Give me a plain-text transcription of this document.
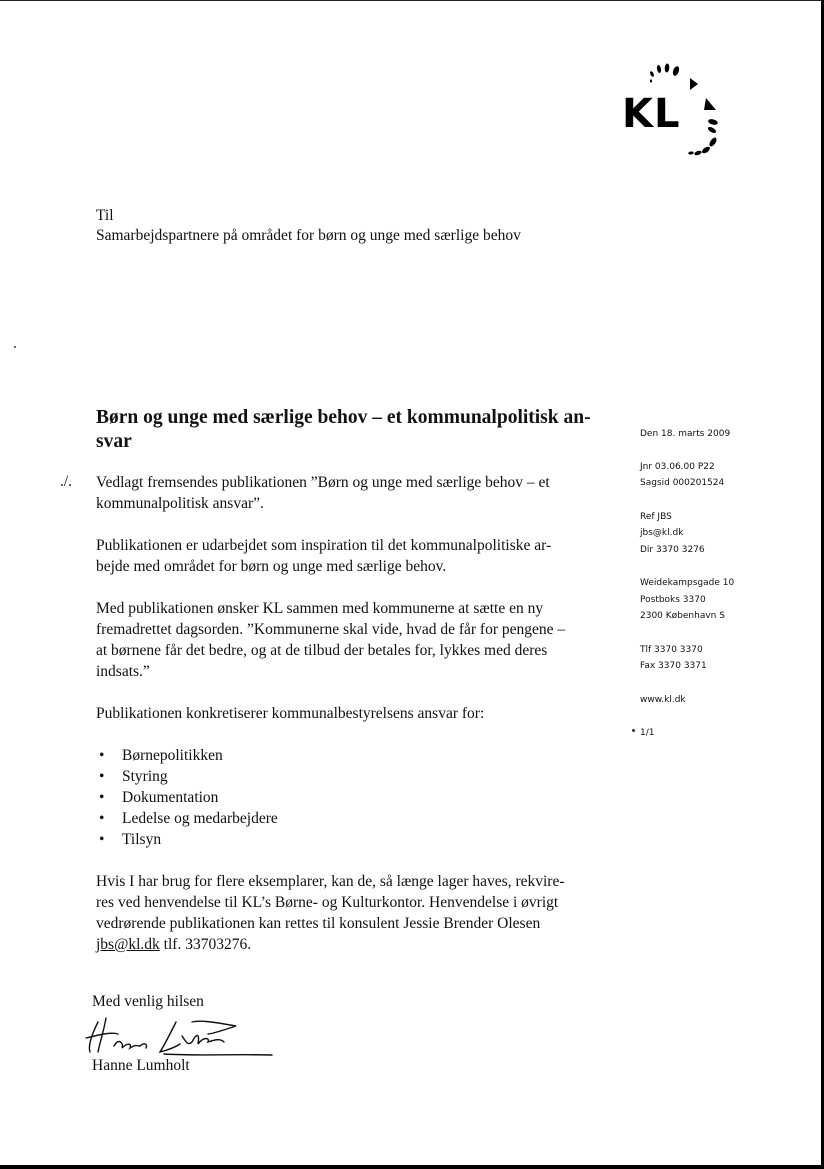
KL
Til
Samarbejdspartnere på området for børn og unge med særlige behov
Børn og unge med særlige behov – et kommunalpolitisk an-
svar
./. Vedlagt fremsendes publikationen ”Børn og unge med særlige behov – et
kommunalpolitisk ansvar”.

Publikationen er udarbejdet som inspiration til det kommunalpolitiske ar-
bejde med området for børn og unge med særlige behov.

Med publikationen ønsker KL sammen med kommunerne at sætte en ny
fremadrettet dagsorden. ”Kommunerne skal vide, hvad de får for pengene –
at børnene får det bedre, og at de tilbud der betales for, lykkes med deres
indsats.”

Publikationen konkretiserer kommunalbestyrelsens ansvar for:

• Børnepolitikken
• Styring
• Dokumentation
• Ledelse og medarbejdere
• Tilsyn

Hvis I har brug for flere eksemplarer, kan de, så længe lager haves, rekvire-
res ved henvendelse til KL’s Børne- og Kulturkontor. Henvendelse i øvrigt
vedrørende publikationen kan rettes til konsulent Jessie Brender Olesen
jbs@kl.dk tlf. 33703276.

Med venlig hilsen
Hanne Lumholt
Den 18. marts 2009
Jnr 03.06.00 P22
Sagsid 000201524
Ref JBS
jbs@kl.dk
Dir 3370 3276
Weidekampsgade 10
Postboks 3370
2300 København S
Tlf 3370 3370
Fax 3370 3371
www.kl.dk
1/1
